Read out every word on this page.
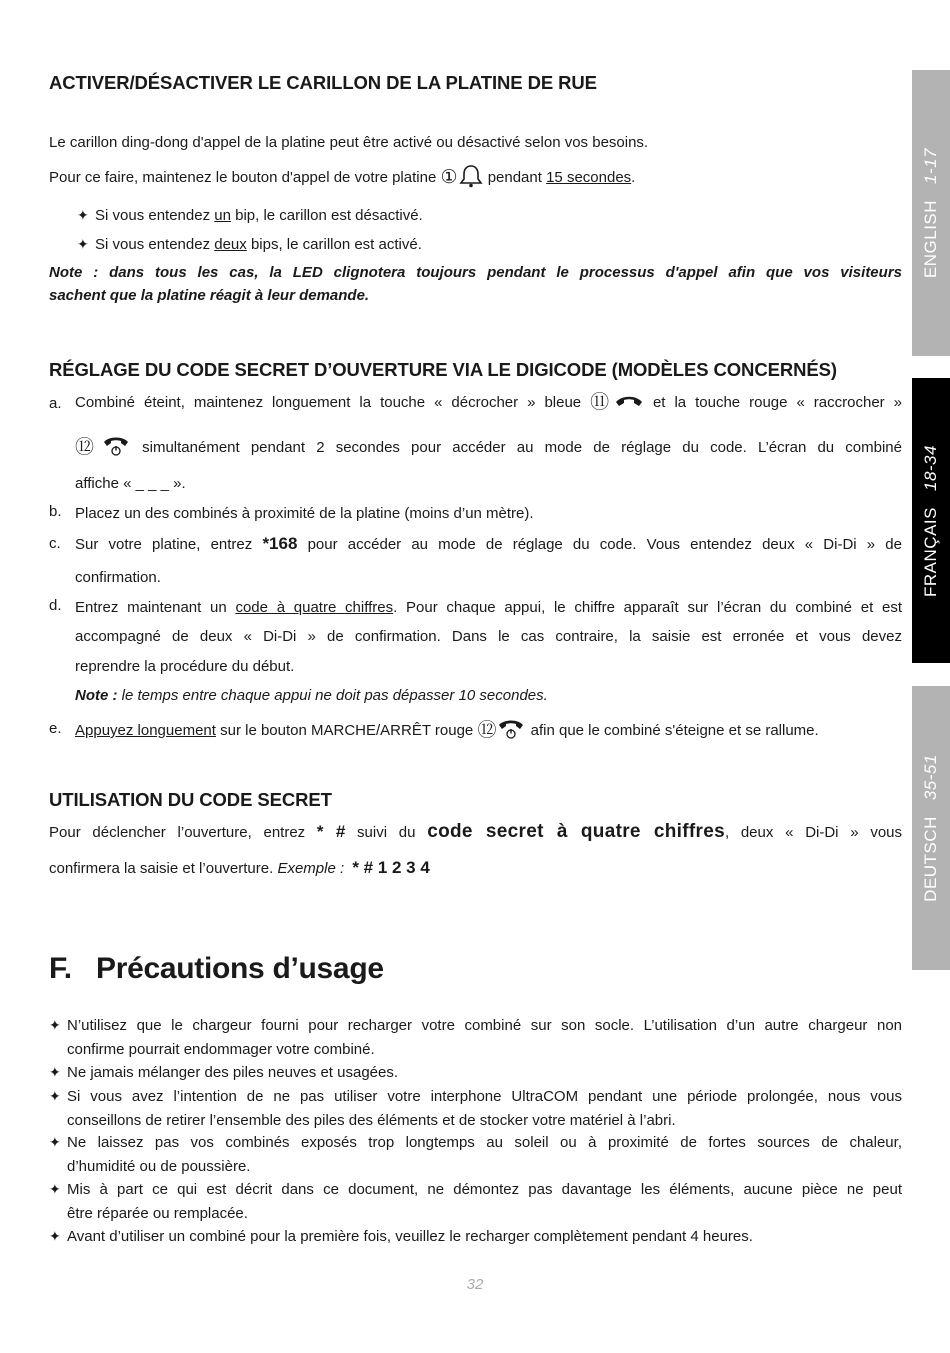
ACTIVER/DÉSACTIVER LE CARILLON DE LA PLATINE DE RUE
Le carillon ding-dong d'appel de la platine peut être activé ou désactivé selon vos besoins.
Pour ce faire, maintenez le bouton d'appel de votre platine ① pendant 15 secondes.
✦ Si vous entendez un bip, le carillon est désactivé.
✦ Si vous entendez deux bips, le carillon est activé.
Note : dans tous les cas, la LED clignotera toujours pendant le processus d'appel afin que vos visiteurs
sachent que la platine réagit à leur demande.
RÉGLAGE DU CODE SECRET D’OUVERTURE VIA LE DIGICODE (MODÈLES CONCERNÉS)
a. Combiné éteint, maintenez longuement la touche « décrocher » bleue ⑪	et la touche rouge « raccrocher »
⑫	simultanément pendant 2 secondes pour accéder au mode de réglage du code. L’écran du combiné
affiche « _ _ _ ».
b. Placez un des combinés à proximité de la platine (moins d’un mètre).
c. Sur votre platine, entrez *168 pour accéder au mode de réglage du code. Vous entendez deux « Di-Di » de
confirmation.
d. Entrez maintenant un code à quatre chiffres. Pour chaque appui, le chiffre apparaît sur l’écran du combiné et est
accompagné de deux « Di-Di » de confirmation. Dans le cas contraire, la saisie est erronée et vous devez
reprendre la procédure du début.
Note : le temps entre chaque appui ne doit pas dépasser 10 secondes.
e. Appuyez longuement sur le bouton MARCHE/ARRÊT rouge ⑫ afin que le combiné s'éteigne et se rallume.
UTILISATION DU CODE SECRET
Pour déclencher l’ouverture, entrez * # suivi du code secret à quatre chiffres, deux « Di-Di » vous
confirmera la saisie et l’ouverture. Exemple : * # 1 2 3 4
F. Précautions d’usage
✦ N’utilisez que le chargeur fourni pour recharger votre combiné sur son socle. L’utilisation d’un autre chargeur non
confirme pourrait endommager votre combiné.
✦ Ne jamais mélanger des piles neuves et usagées.
✦ Si vous avez l’intention de ne pas utiliser votre interphone UltraCOM pendant une période prolongée, nous vous
conseillons de retirer l’ensemble des piles des éléments et de stocker votre matériel à l’abri.
✦ Ne laissez pas vos combinés exposés trop longtemps au soleil ou à proximité de fortes sources de chaleur,
d’humidité ou de poussière.
✦ Mis à part ce qui est décrit dans ce document, ne démontez pas davantage les éléments, aucune pièce ne peut
être réparée ou remplacée.
✦ Avant d’utiliser un combiné pour la première fois, veuillez le recharger complètement pendant 4 heures.
32
ENGLISH1-17
FRANÇAIS18-34
DEUTSCH35-51
